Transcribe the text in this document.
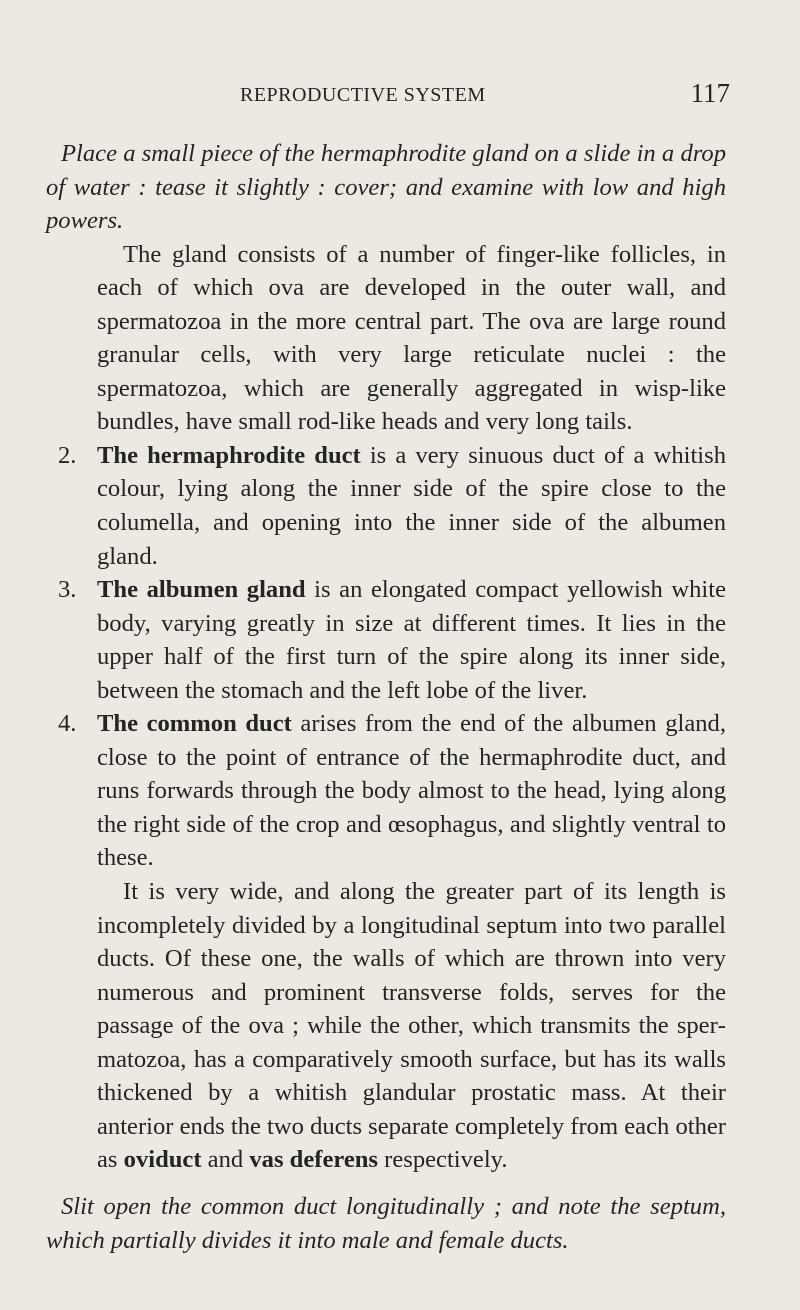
REPRODUCTIVE SYSTEM	117

Place a small piece of the hermaphrodite gland on a slide in a drop of water : tease it slightly : cover; and examine with low and high powers.

The gland consists of a number of finger-like follicles, in each of which ova are developed in the outer wall, and spermatozoa in the more central part. The ova are large round granular cells, with very large reticulate nuclei : the spermatozoa, which are generally aggregated in wisp-like bundles, have small rod-like heads and very long tails.

2. The hermaphrodite duct is a very sinuous duct of a whitish colour, lying along the inner side of the spire close to the columella, and opening into the inner side of the albumen gland.

3. The albumen gland is an elongated compact yellowish white body, varying greatly in size at different times. It lies in the upper half of the first turn of the spire along its inner side, between the stomach and the left lobe of the liver.

4. The common duct arises from the end of the albumen gland, close to the point of entrance of the hermaphrodite duct, and runs forwards through the body almost to the head, lying along the right side of the crop and œsophagus, and slightly ventral to these.

It is very wide, and along the greater part of its length is incompletely divided by a longitudinal septum into two parallel ducts. Of these one, the walls of which are thrown into very numerous and prominent transverse folds, serves for the passage of the ova ; while the other, which transmits the spermatozoa, has a comparatively smooth surface, but has its walls thickened by a whitish glandular prostatic mass. At their anterior ends the two ducts separate completely from each other as oviduct and vas deferens respectively.

Slit open the common duct longitudinally ; and note the septum, which partially divides it into male and female ducts.
